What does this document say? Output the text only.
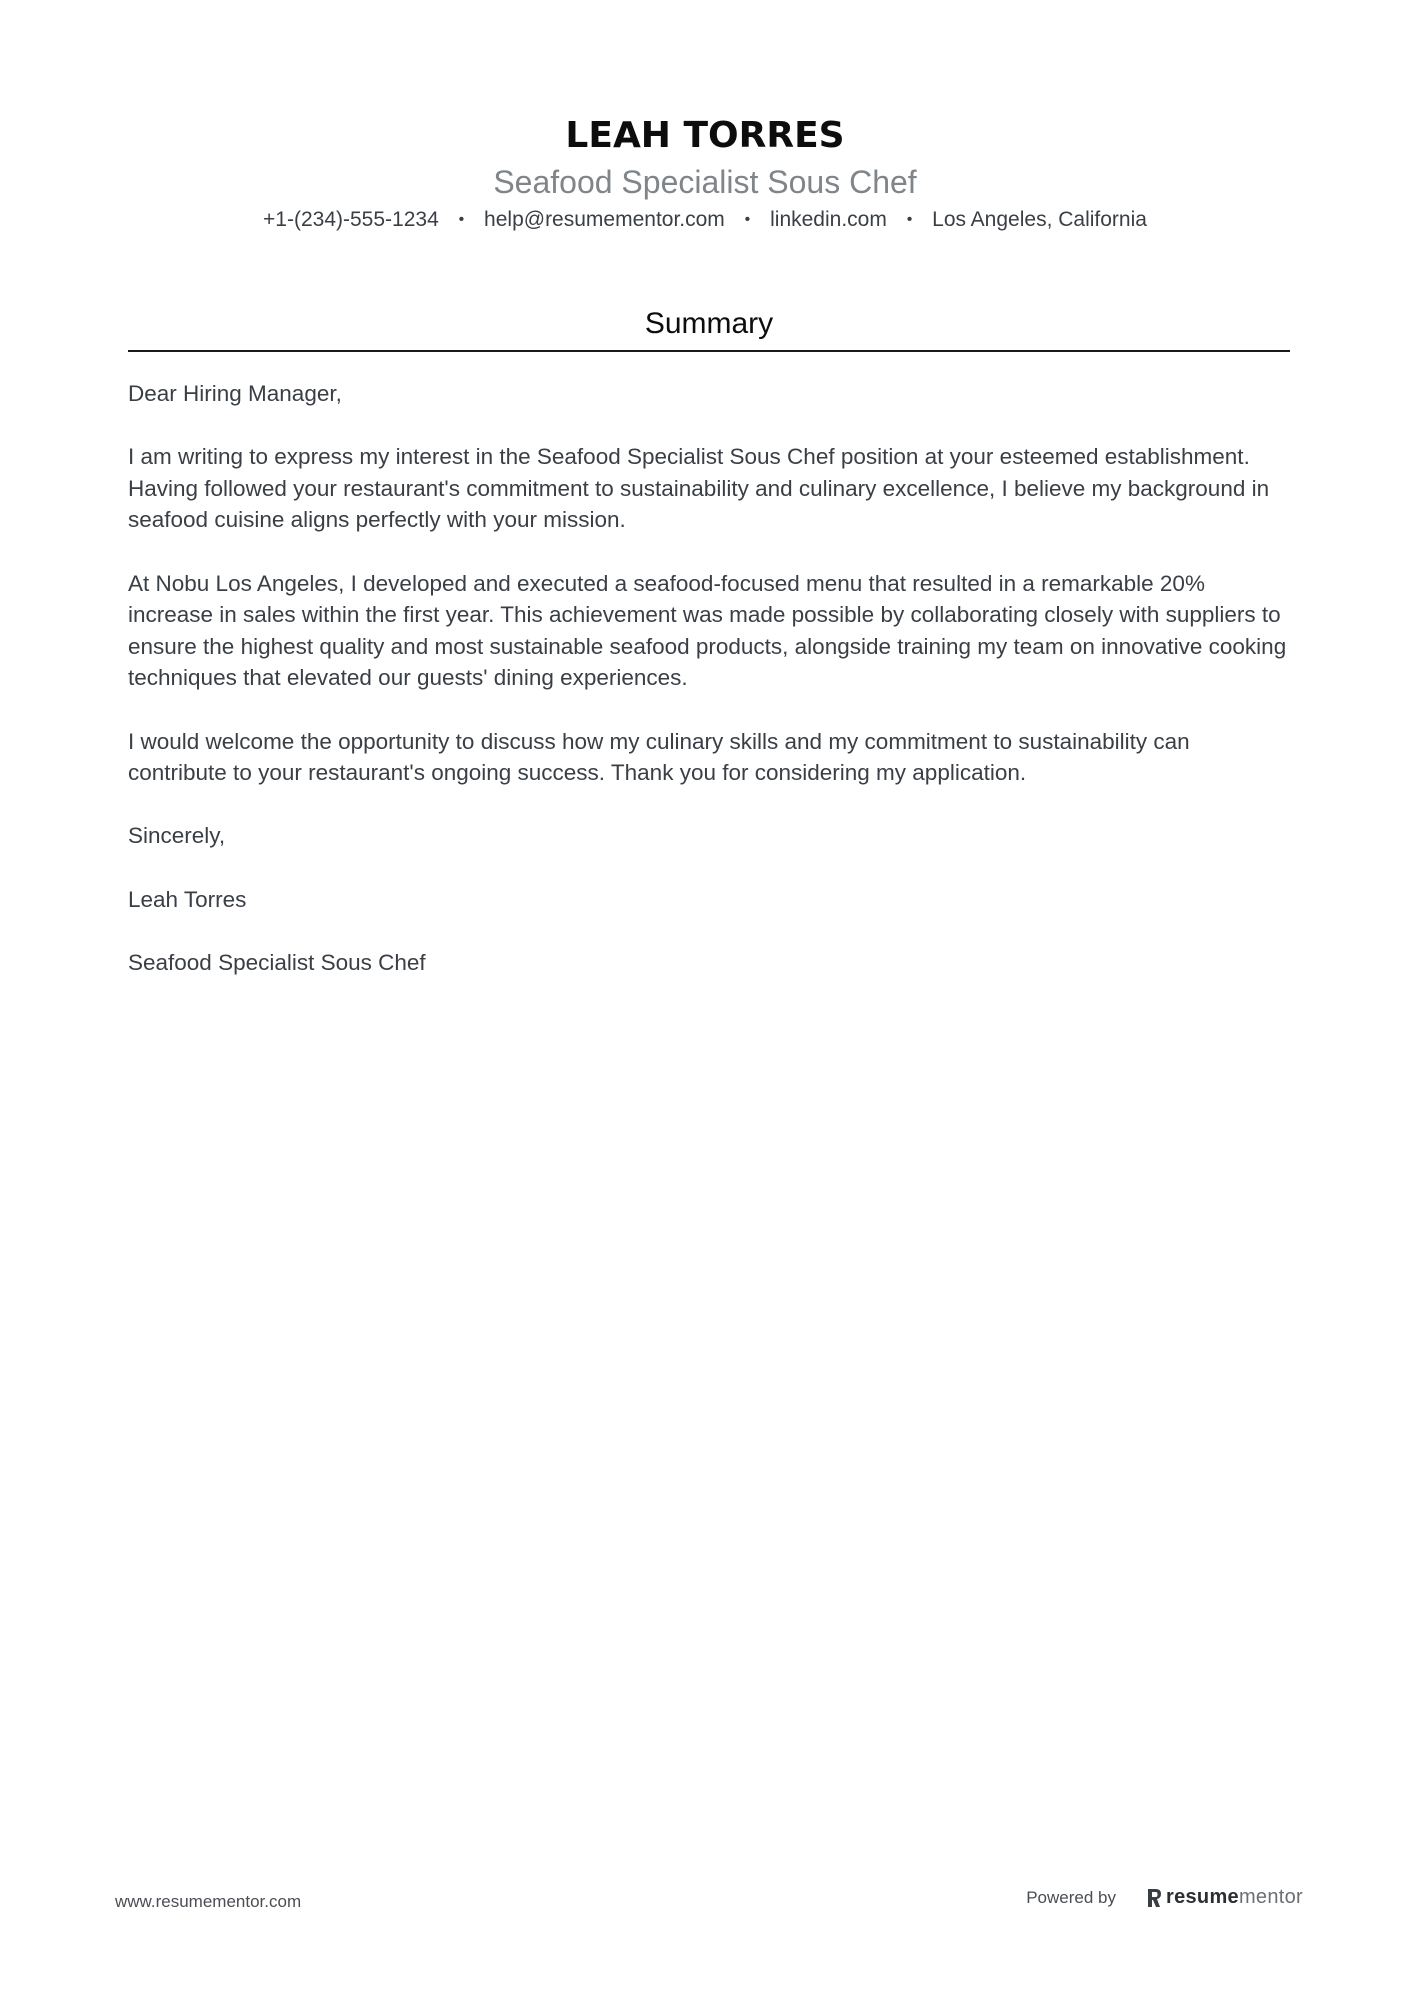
LEAH TORRES
Seafood Specialist Sous Chef
+1-(234)-555-1234 • help@resumementor.com • linkedin.com • Los Angeles, California
Summary

Dear Hiring Manager,

I am writing to express my interest in the Seafood Specialist Sous Chef position at your esteemed establishment. Having followed your restaurant's commitment to sustainability and culinary excellence, I believe my background in seafood cuisine aligns perfectly with your mission.

At Nobu Los Angeles, I developed and executed a seafood-focused menu that resulted in a remarkable 20% increase in sales within the first year. This achievement was made possible by collaborating closely with suppliers to ensure the highest quality and most sustainable seafood products, alongside training my team on innovative cooking techniques that elevated our guests' dining experiences.

I would welcome the opportunity to discuss how my culinary skills and my commitment to sustainability can contribute to your restaurant's ongoing success. Thank you for considering my application.

Sincerely,

Leah Torres

Seafood Specialist Sous Chef

www.resumementor.com	Powered by	resume mentor
